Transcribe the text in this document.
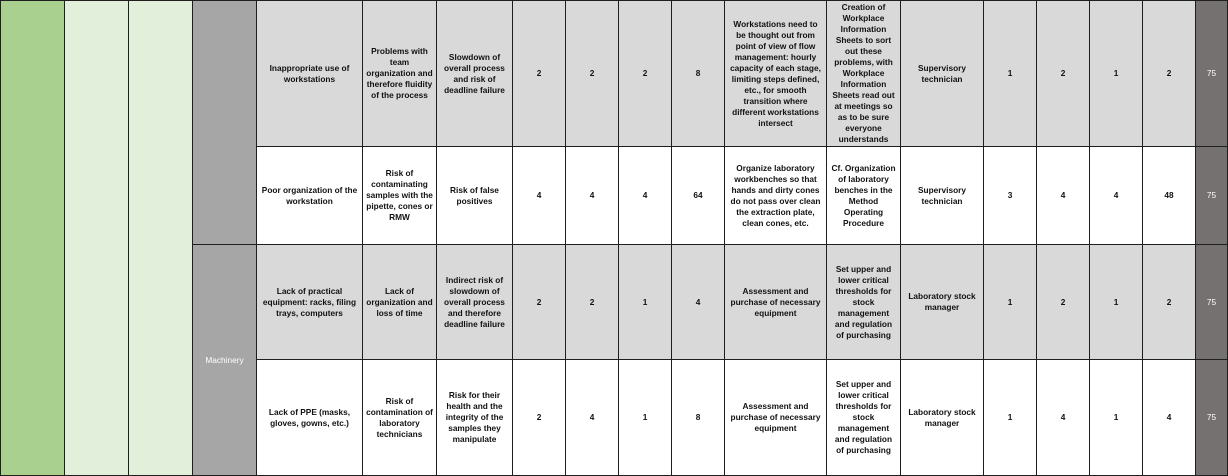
				Inappropriate use of workstations	Problems with team organization and therefore fluidity of the process	Slowdown of overall process and risk of deadline failure	2	2	2	8	Workstations need to be thought out from point of view of flow management: hourly capacity of each stage, limiting steps defined, etc., for smooth transition where different workstations intersect	Creation of Workplace Information Sheets to sort out these problems, with Workplace Information Sheets read out at meetings so as to be sure everyone understands	Supervisory technician	1	2	1	2	75
				Poor organization of the workstation	Risk of contaminating samples with the pipette, cones or RMW	Risk of false positives	4	4	4	64	Organize laboratory workbenches so that hands and dirty cones do not pass over clean the extraction plate, clean cones, etc.	Cf. Organization of laboratory benches in the Method Operating Procedure	Supervisory technician	3	4	4	48	75
			Machinery	Lack of practical equipment: racks, filing trays, computers	Lack of organization and loss of time	Indirect risk of slowdown of overall process and therefore deadline failure	2	2	1	4	Assessment and purchase of necessary equipment	Set upper and lower critical thresholds for stock management and regulation of purchasing	Laboratory stock manager	1	2	1	2	75
				Lack of PPE (masks, gloves, gowns, etc.)	Risk of contamination of laboratory technicians	Risk for their health and the integrity of the samples they manipulate	2	4	1	8	Assessment and purchase of necessary equipment	Set upper and lower critical thresholds for stock management and regulation of purchasing	Laboratory stock manager	1	4	1	4	75
